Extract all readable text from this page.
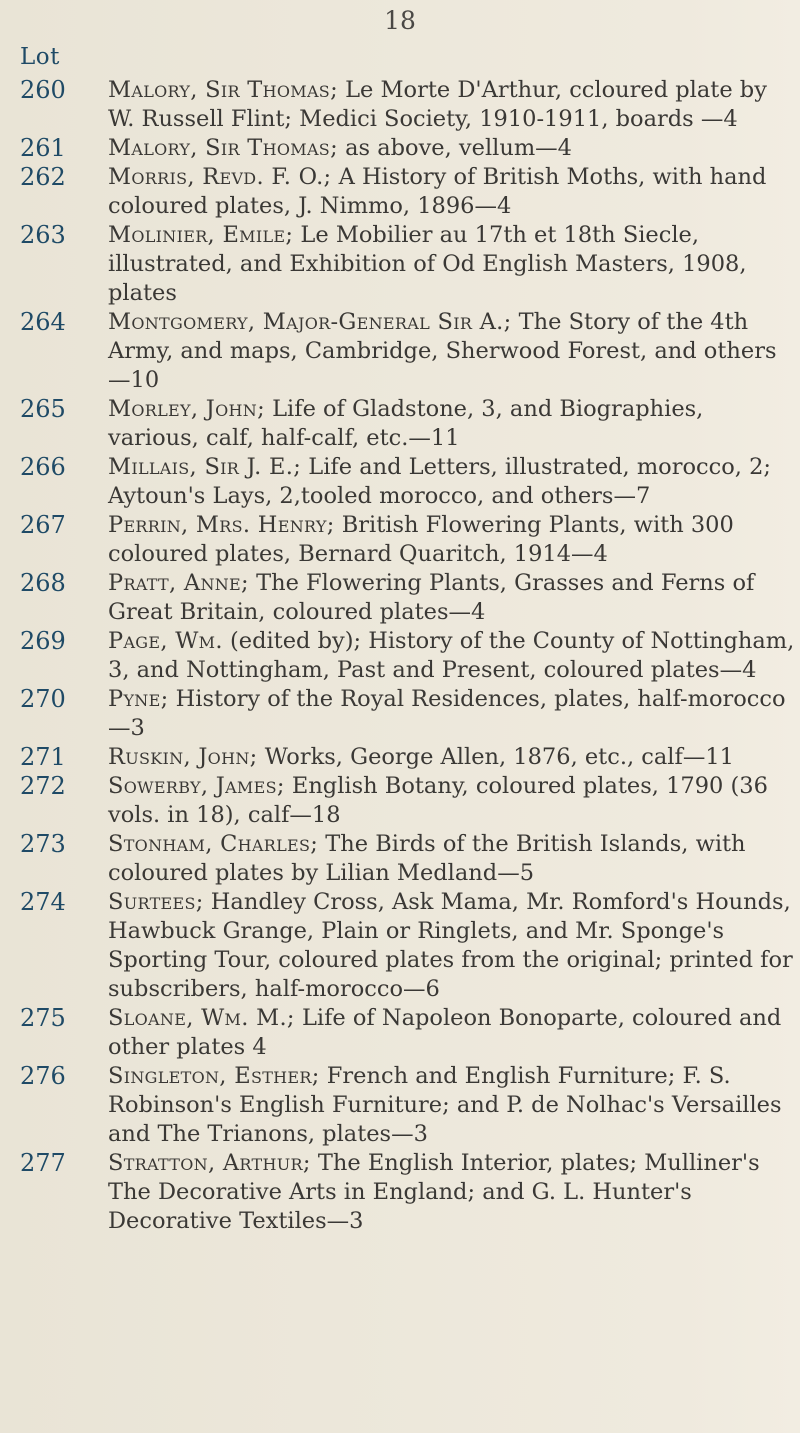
18
Lot
260	Malory, Sir Thomas; Le Morte D'Arthur, ccloured plate by W. Russell Flint; Medici Society, 1910-1911, boards —4
261	Malory, Sir Thomas; as above, vellum—4
262	Morris, Revd. F. O.; A History of British Moths, with hand coloured plates, J. Nimmo, 1896—4
263	Molinier, Emile; Le Mobilier au 17th et 18th Siecle, illustrated, and Exhibition of Od English Masters, 1908, plates
264	Montgomery, Major-General Sir A.; The Story of the 4th Army, and maps, Cambridge, Sherwood Forest, and others—10
265	Morley, John; Life of Gladstone, 3, and Biographies, various, calf, half-calf, etc.—11
266	Millais, Sir J. E.; Life and Letters, illustrated, morocco, 2; Aytoun's Lays, 2,tooled morocco, and others—7
267	Perrin, Mrs. Henry; British Flowering Plants, with 300 coloured plates, Bernard Quaritch, 1914—4
268	Pratt, Anne; The Flowering Plants, Grasses and Ferns of Great Britain, coloured plates—4
269	Page, Wm. (edited by); History of the County of Nottingham, 3, and Nottingham, Past and Present, coloured plates—4
270	Pyne; History of the Royal Residences, plates, half-morocco —3
271	Ruskin, John; Works, George Allen, 1876, etc., calf—11
272	Sowerby, James; English Botany, coloured plates, 1790 (36 vols. in 18), calf—18
273	Stonham, Charles; The Birds of the British Islands, with coloured plates by Lilian Medland—5
274	Surtees; Handley Cross, Ask Mama, Mr. Romford's Hounds, Hawbuck Grange, Plain or Ringlets, and Mr. Sponge's Sporting Tour, coloured plates from the original; printed for subscribers, half-morocco—6
275	Sloane, Wm. M.; Life of Napoleon Bonoparte, coloured and other plates 4
276	Singleton, Esther; French and English Furniture; F. S. Robinson's English Furniture; and P. de Nolhac's Versailles and The Trianons, plates—3
277	Stratton, Arthur; The English Interior, plates; Mulliner's The Decorative Arts in England; and G. L. Hunter's Decorative Textiles—3
